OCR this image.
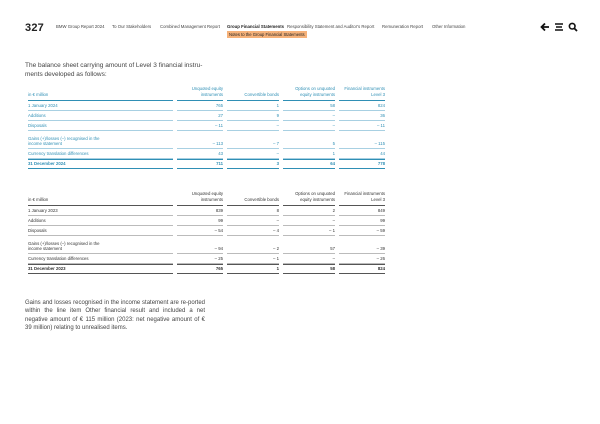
327	BMW Group Report 2024 To Our Stakeholders Combined Management Report Group Financial Statements Responsibility Statement and Auditor's Report Remuneration Report Other Information
Notes to the Group Financial Statements

The balance sheet carrying amount of Level 3 financial instru-ments developed as follows:

in € million	Unquoted equity instruments	Convertible bonds	Options on unquoted equity instruments	Financial instruments Level 3
1 January 2024	765	1	58	824
Additions	27	9	–	36
Disposals	– 11	–	–	– 11
Gains (+)/losses (–) recognised in the income statement	– 113	– 7	5	– 115
Currency translation differences	43	–	1	44
31 December 2024	711	3	64	778
in € million	Unquoted equity instruments	Convertible bonds	Options on unquoted equity instruments	Financial instruments Level 3
1 January 2023	839	8	2	849
Additions	99	–	–	99
Disposals	– 54	– 4	– 1	– 59
Gains (+)/losses (–) recognised in the income statement	– 94	– 2	57	– 39
Currency translation differences	– 25	– 1	–	– 26
31 December 2023	765	1	58	824

Gains and losses recognised in the income statement are re-ported within the line item Other financial result and included a net negative amount of € 115 million (2023: net negative amount of € 39 million) relating to unrealised items.
